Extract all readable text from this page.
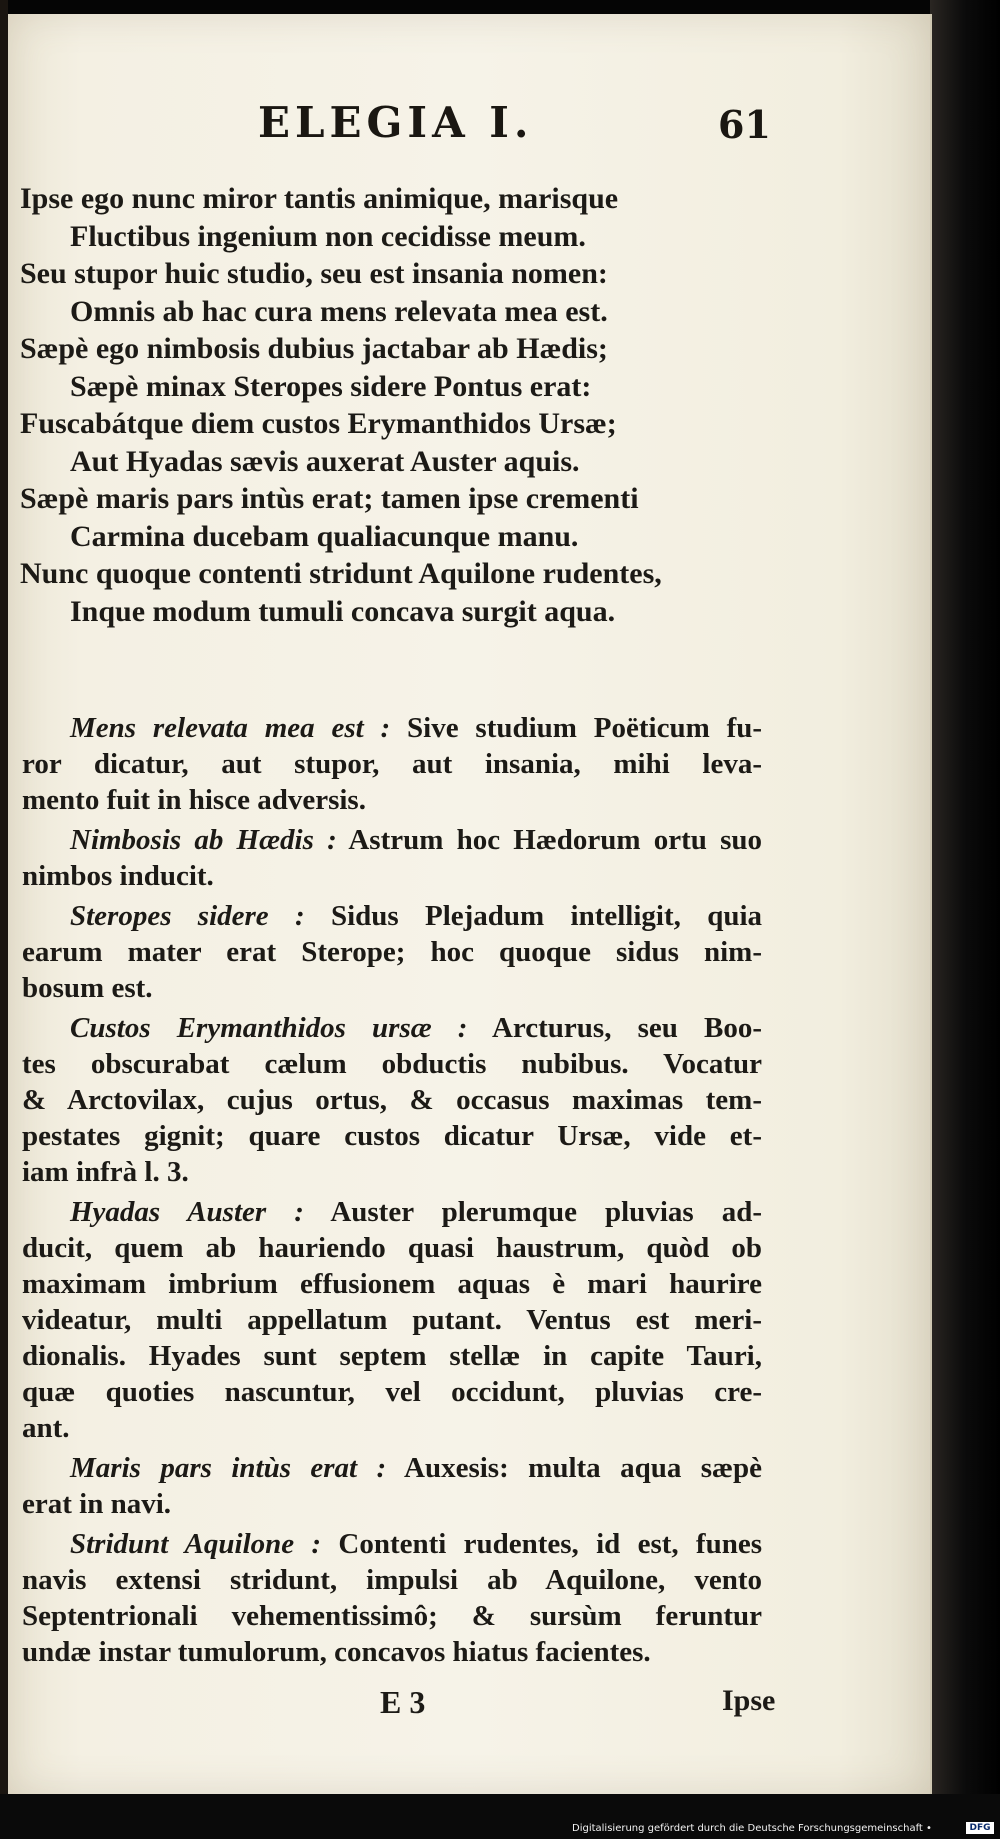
ELEGIA I.	61
Ipse ego nunc miror tantis animique, marisque
Fluctibus ingenium non cecidisse meum.
Seu stupor huic studio, seu est insania nomen:
Omnis ab hac cura mens relevata mea est.
Sæpè ego nimbosis dubius jactabar ab Hædis;
Sæpè minax Steropes sidere Pontus erat:
Fuscabátque diem custos Erymanthidos Ursæ;
Aut Hyadas sævis auxerat Auster aquis.
Sæpè maris pars intùs erat; tamen ipse crementi
Carmina ducebam qualiacunque manu.
Nunc quoque contenti stridunt Aquilone rudentes,
Inque modum tumuli concava surgit aqua.
Mens relevata mea est : Sive studium Poëticum fu-
ror dicatur, aut stupor, aut insania, mihi leva-
mento fuit in hisce adversis.
Nimbosis ab Hædis : Astrum hoc Hædorum ortu suo
nimbos inducit.
Steropes sidere : Sidus Plejadum intelligit, quia
earum mater erat Sterope; hoc quoque sidus nim-
bosum est.
Custos Erymanthidos ursæ : Arcturus, seu Boo-
tes obscurabat cælum obductis nubibus. Vocatur
& Arctovilax, cujus ortus, & occasus maximas tem-
pestates gignit; quare custos dicatur Ursæ, vide et-
iam infrà l. 3.
Hyadas Auster : Auster plerumque pluvias ad-
ducit, quem ab hauriendo quasi haustrum, quòd ob
maximam imbrium effusionem aquas è mari haurire
videatur, multi appellatum putant. Ventus est meri-
dionalis. Hyades sunt septem stellæ in capite Tauri,
quæ quoties nascuntur, vel occidunt, pluvias cre-
ant.
Maris pars intùs erat : Auxesis: multa aqua sæpè
erat in navi.
Stridunt Aquilone : Contenti rudentes, id est, funes
navis extensi stridunt, impulsi ab Aquilone, vento
Septentrionali vehementissimô; & sursùm feruntur
undæ instar tumulorum, concavos hiatus facientes.
E 3	Ipse
Digitalisierung gefördert durch die Deutsche Forschungsgemeinschaft •	DFG
